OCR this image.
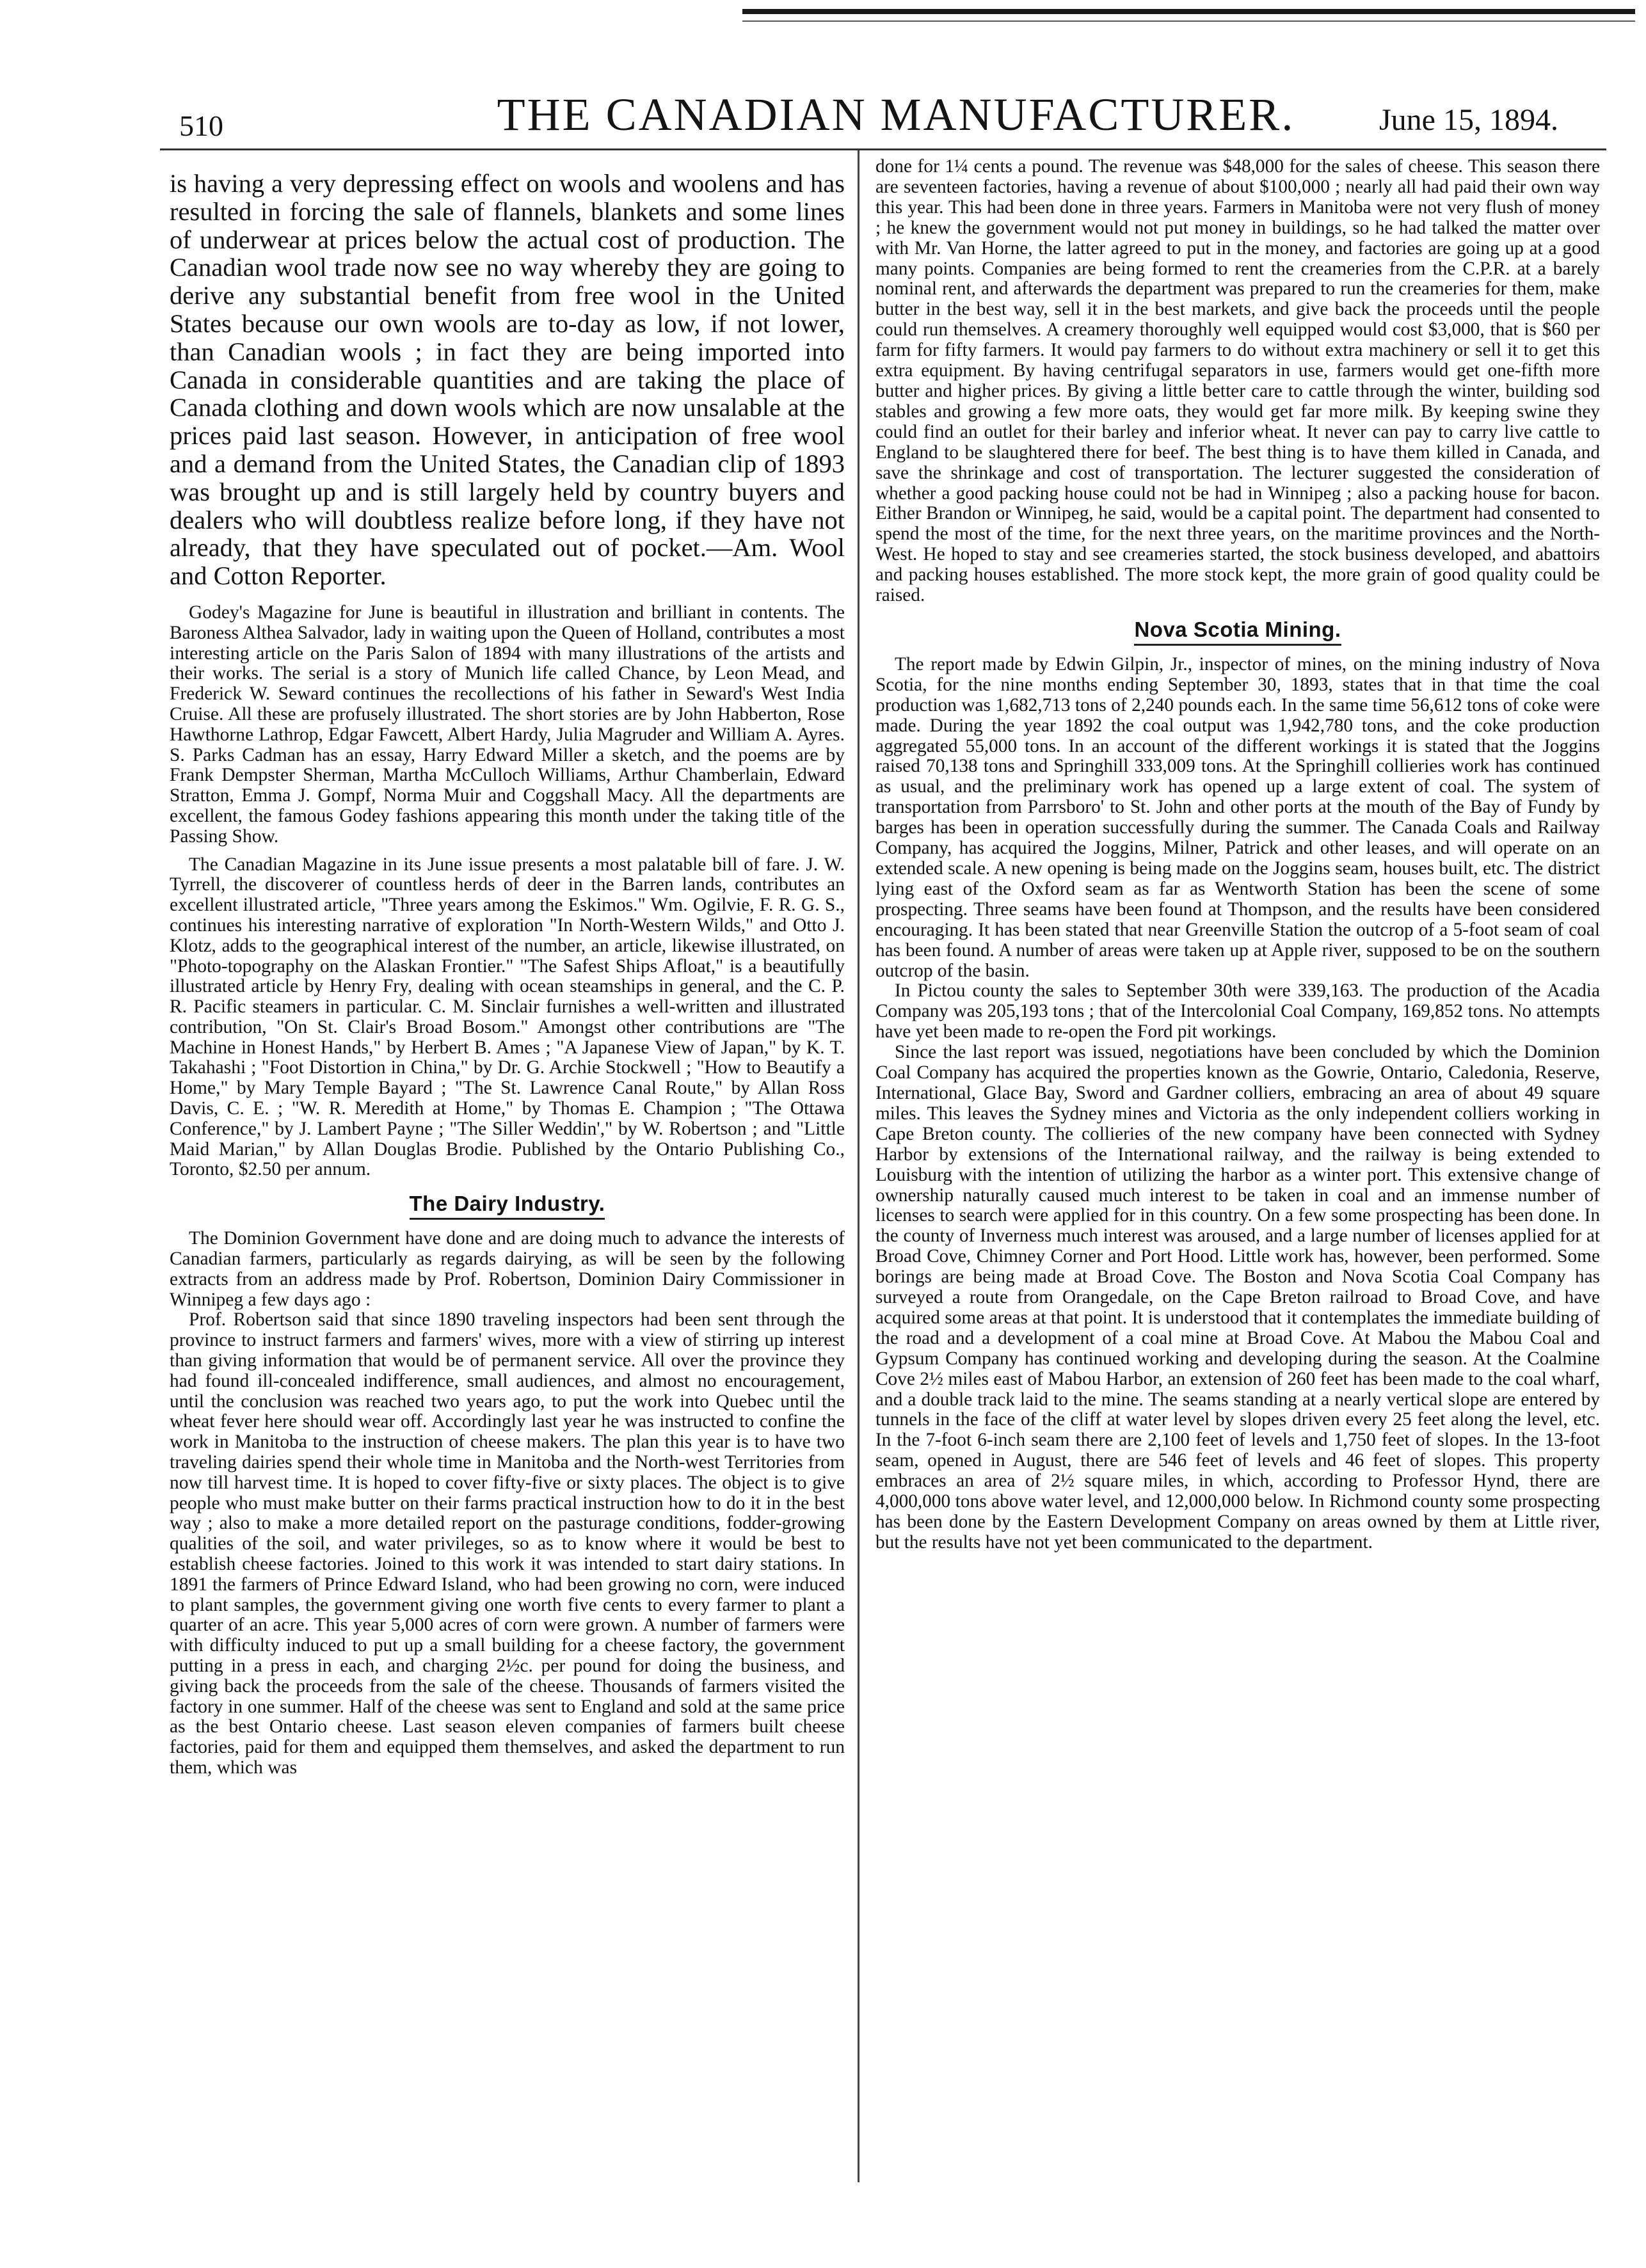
510	THE CANADIAN MANUFACTURER.	June 15, 1894.

is having a very depressing effect on wools and woolens and has resulted in forcing the sale of flannels, blankets and some lines of underwear at prices below the actual cost of production. The Canadian wool trade now see no way whereby they are going to derive any substantial benefit from free wool in the United States because our own wools are to-day as low, if not lower, than Canadian wools ; in fact they are being imported into Canada in considerable quantities and are taking the place of Canada clothing and down wools which are now unsalable at the prices paid last season. However, in anticipation of free wool and a demand from the United States, the Canadian clip of 1893 was brought up and is still largely held by country buyers and dealers who will doubtless realize before long, if they have not already, that they have speculated out of pocket.—Am. Wool and Cotton Reporter.

Godey's Magazine for June is beautiful in illustration and brilliant in contents. The Baroness Althea Salvador, lady in waiting upon the Queen of Holland, contributes a most interesting article on the Paris Salon of 1894 with many illustrations of the artists and their works. The serial is a story of Munich life called Chance, by Leon Mead, and Frederick W. Seward continues the recollections of his father in Seward's West India Cruise. All these are profusely illustrated. The short stories are by John Habberton, Rose Hawthorne Lathrop, Edgar Fawcett, Albert Hardy, Julia Magruder and William A. Ayres. S. Parks Cadman has an essay, Harry Edward Miller a sketch, and the poems are by Frank Dempster Sherman, Martha McCulloch Williams, Arthur Chamberlain, Edward Stratton, Emma J. Gompf, Norma Muir and Coggshall Macy. All the departments are excellent, the famous Godey fashions appearing this month under the taking title of the Passing Show.

The Canadian Magazine in its June issue presents a most palatable bill of fare. J. W. Tyrrell, the discoverer of countless herds of deer in the Barren lands, contributes an excellent illustrated article, "Three years among the Eskimos." Wm. Ogilvie, F. R. G. S., continues his interesting narrative of exploration "In North-Western Wilds," and Otto J. Klotz, adds to the geographical interest of the number, an article, likewise illustrated, on "Photo-topography on the Alaskan Frontier." "The Safest Ships Afloat," is a beautifully illustrated article by Henry Fry, dealing with ocean steamships in general, and the C. P. R. Pacific steamers in particular. C. M. Sinclair furnishes a well-written and illustrated contribution, "On St. Clair's Broad Bosom." Amongst other contributions are "The Machine in Honest Hands," by Herbert B. Ames ; "A Japanese View of Japan," by K. T. Takahashi ; "Foot Distortion in China," by Dr. G. Archie Stockwell ; "How to Beautify a Home," by Mary Temple Bayard ; "The St. Lawrence Canal Route," by Allan Ross Davis, C. E. ; "W. R. Meredith at Home," by Thomas E. Champion ; "The Ottawa Conference," by J. Lambert Payne ; "The Siller Weddin'," by W. Robertson ; and "Little Maid Marian," by Allan Douglas Brodie. Published by the Ontario Publishing Co., Toronto, $2.50 per annum.

The Dairy Industry.

The Dominion Government have done and are doing much to advance the interests of Canadian farmers, particularly as regards dairying, as will be seen by the following extracts from an address made by Prof. Robertson, Dominion Dairy Commissioner in Winnipeg a few days ago :

Prof. Robertson said that since 1890 traveling inspectors had been sent through the province to instruct farmers and farmers' wives, more with a view of stirring up interest than giving information that would be of permanent service. All over the province they had found ill-concealed indifference, small audiences, and almost no encouragement, until the conclusion was reached two years ago, to put the work into Quebec until the wheat fever here should wear off. Accordingly last year he was instructed to confine the work in Manitoba to the instruction of cheese makers. The plan this year is to have two traveling dairies spend their whole time in Manitoba and the North-west Territories from now till harvest time. It is hoped to cover fifty-five or sixty places. The object is to give people who must make butter on their farms practical instruction how to do it in the best way ; also to make a more detailed report on the pasturage conditions, fodder-growing qualities of the soil, and water privileges, so as to know where it would be best to establish cheese factories. Joined to this work it was intended to start dairy stations. In 1891 the farmers of Prince Edward Island, who had been growing no corn, were induced to plant samples, the government giving one worth five cents to every farmer to plant a quarter of an acre. This year 5,000 acres of corn were grown. A number of farmers were with difficulty induced to put up a small building for a cheese factory, the government putting in a press in each, and charging 2½c. per pound for doing the business, and giving back the proceeds from the sale of the cheese. Thousands of farmers visited the factory in one summer. Half of the cheese was sent to England and sold at the same price as the best Ontario cheese. Last season eleven companies of farmers built cheese factories, paid for them and equipped them themselves, and asked the department to run them, which was

done for 1¼ cents a pound. The revenue was $48,000 for the sales of cheese. This season there are seventeen factories, having a revenue of about $100,000 ; nearly all had paid their own way this year. This had been done in three years. Farmers in Manitoba were not very flush of money ; he knew the government would not put money in buildings, so he had talked the matter over with Mr. Van Horne, the latter agreed to put in the money, and factories are going up at a good many points. Companies are being formed to rent the creameries from the C.P.R. at a barely nominal rent, and afterwards the department was prepared to run the creameries for them, make butter in the best way, sell it in the best markets, and give back the proceeds until the people could run themselves. A creamery thoroughly well equipped would cost $3,000, that is $60 per farm for fifty farmers. It would pay farmers to do without extra machinery or sell it to get this extra equipment. By having centrifugal separators in use, farmers would get one-fifth more butter and higher prices. By giving a little better care to cattle through the winter, building sod stables and growing a few more oats, they would get far more milk. By keeping swine they could find an outlet for their barley and inferior wheat. It never can pay to carry live cattle to England to be slaughtered there for beef. The best thing is to have them killed in Canada, and save the shrinkage and cost of transportation. The lecturer suggested the consideration of whether a good packing house could not be had in Winnipeg ; also a packing house for bacon. Either Brandon or Winnipeg, he said, would be a capital point. The department had consented to spend the most of the time, for the next three years, on the maritime provinces and the North-West. He hoped to stay and see creameries started, the stock business developed, and abattoirs and packing houses established. The more stock kept, the more grain of good quality could be raised.

Nova Scotia Mining.

The report made by Edwin Gilpin, Jr., inspector of mines, on the mining industry of Nova Scotia, for the nine months ending September 30, 1893, states that in that time the coal production was 1,682,713 tons of 2,240 pounds each. In the same time 56,612 tons of coke were made. During the year 1892 the coal output was 1,942,780 tons, and the coke production aggregated 55,000 tons. In an account of the different workings it is stated that the Joggins raised 70,138 tons and Springhill 333,009 tons. At the Springhill collieries work has continued as usual, and the preliminary work has opened up a large extent of coal. The system of transportation from Parrsboro' to St. John and other ports at the mouth of the Bay of Fundy by barges has been in operation successfully during the summer. The Canada Coals and Railway Company, has acquired the Joggins, Milner, Patrick and other leases, and will operate on an extended scale. A new opening is being made on the Joggins seam, houses built, etc. The district lying east of the Oxford seam as far as Wentworth Station has been the scene of some prospecting. Three seams have been found at Thompson, and the results have been considered encouraging. It has been stated that near Greenville Station the outcrop of a 5-foot seam of coal has been found. A number of areas were taken up at Apple river, supposed to be on the southern outcrop of the basin.

In Pictou county the sales to September 30th were 339,163. The production of the Acadia Company was 205,193 tons ; that of the Intercolonial Coal Company, 169,852 tons. No attempts have yet been made to re-open the Ford pit workings.

Since the last report was issued, negotiations have been concluded by which the Dominion Coal Company has acquired the properties known as the Gowrie, Ontario, Caledonia, Reserve, International, Glace Bay, Sword and Gardner colliers, embracing an area of about 49 square miles. This leaves the Sydney mines and Victoria as the only independent colliers working in Cape Breton county. The collieries of the new company have been connected with Sydney Harbor by extensions of the International railway, and the railway is being extended to Louisburg with the intention of utilizing the harbor as a winter port. This extensive change of ownership naturally caused much interest to be taken in coal and an immense number of licenses to search were applied for in this country. On a few some prospecting has been done. In the county of Inverness much interest was aroused, and a large number of licenses applied for at Broad Cove, Chimney Corner and Port Hood. Little work has, however, been performed. Some borings are being made at Broad Cove. The Boston and Nova Scotia Coal Company has surveyed a route from Orangedale, on the Cape Breton railroad to Broad Cove, and have acquired some areas at that point. It is understood that it contemplates the immediate building of the road and a development of a coal mine at Broad Cove. At Mabou the Mabou Coal and Gypsum Company has continued working and developing during the season. At the Coalmine Cove 2½ miles east of Mabou Harbor, an extension of 260 feet has been made to the coal wharf, and a double track laid to the mine. The seams standing at a nearly vertical slope are entered by tunnels in the face of the cliff at water level by slopes driven every 25 feet along the level, etc. In the 7-foot 6-inch seam there are 2,100 feet of levels and 1,750 feet of slopes. In the 13-foot seam, opened in August, there are 546 feet of levels and 46 feet of slopes. This property embraces an area of 2½ square miles, in which, according to Professor Hynd, there are 4,000,000 tons above water level, and 12,000,000 below. In Richmond county some prospecting has been done by the Eastern Development Company on areas owned by them at Little river, but the results have not yet been communicated to the department.
